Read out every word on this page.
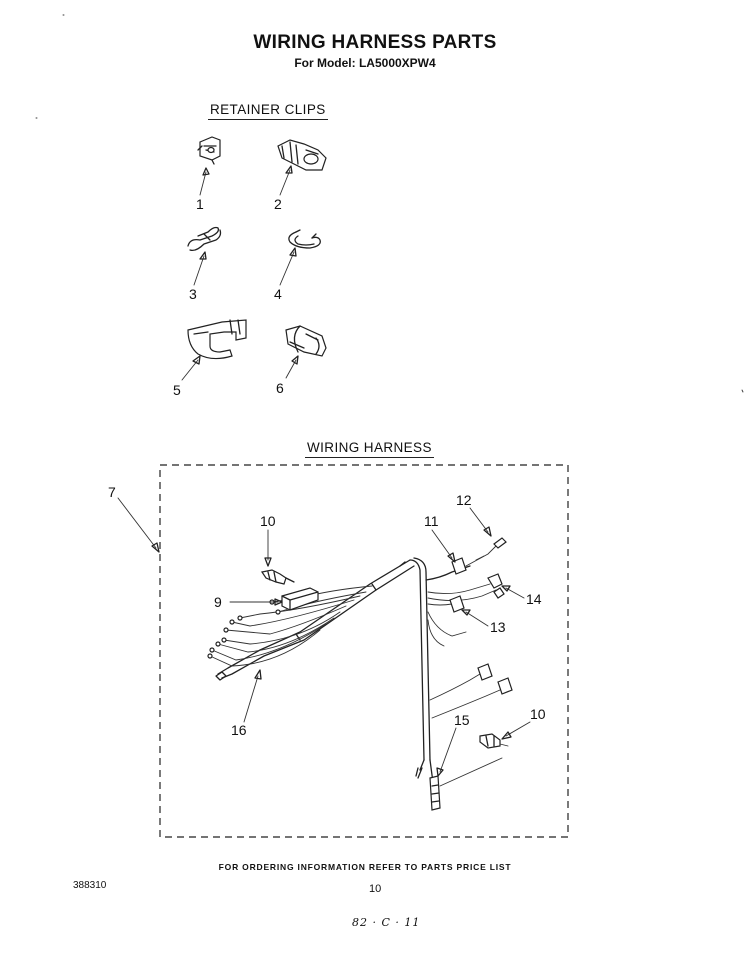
WIRING HARNESS PARTS
For Model: LA5000XPW4
RETAINER CLIPS
WIRING HARNESS
1	2
3	4
5	6
7
9
10	11
12
14
13
10
15
16
FOR ORDERING INFORMATION REFER TO PARTS PRICE LIST
388310	10
82 · C · 11
